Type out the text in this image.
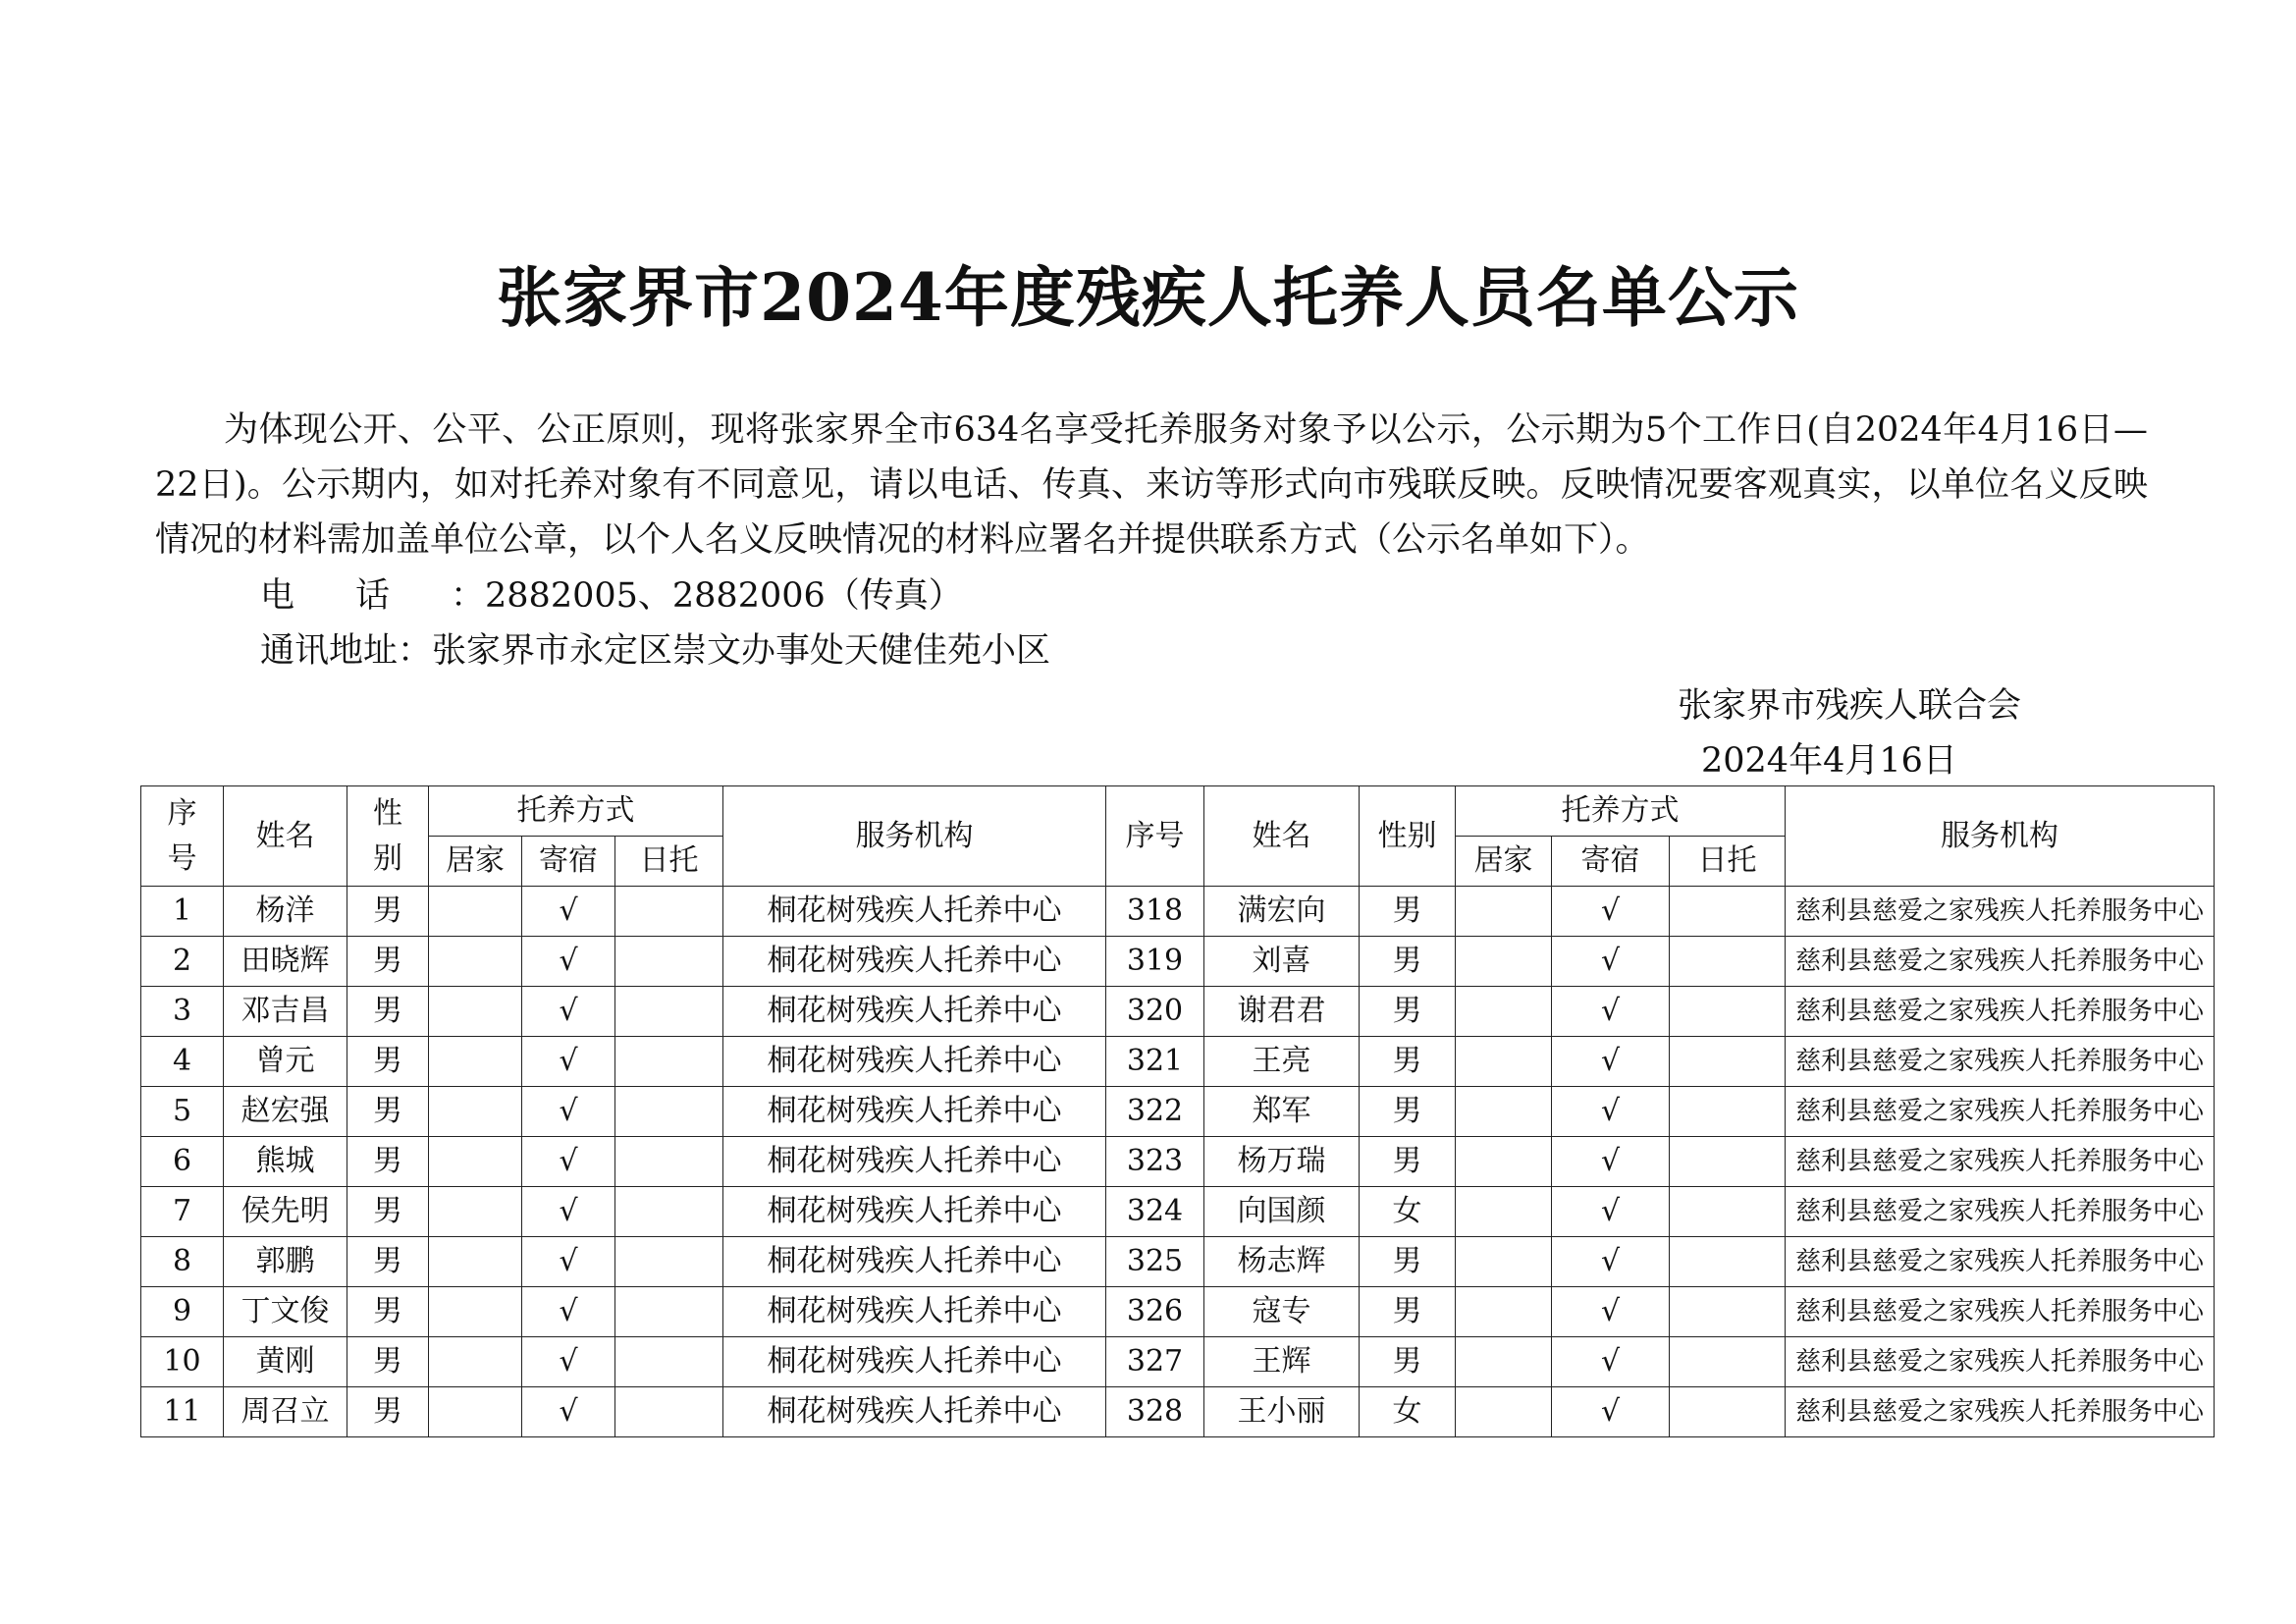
张家界市2024年度残疾人托养人员名单公示
为体现公开、公平、公正原则，现将张家界全市634名享受托养服务对象予以公示，公示期为5个工作日(自2024年4月16日—22日)。公示期内，如对托养对象有不同意见，请以电话、传真、来访等形式向市残联反映。反映情况要客观真实，以单位名义反映情况的材料需加盖单位公章，以个人名义反映情况的材料应署名并提供联系方式（公示名单如下）。
电话：2882005、2882006（传真）
通讯地址：张家界市永定区崇文办事处天健佳苑小区
张家界市残疾人联合会
2024年4月16日
序
号	姓名	性
别	托养方式			服务机构	序号	姓名	性别	托养方式			服务机构
			居家	寄宿	日托					居家	寄宿	日托	
1	杨洋	男		√		桐花树残疾人托养中心	318	满宏向	男		√		慈利县慈爱之家残疾人托养服务中心
2	田晓辉	男		√		桐花树残疾人托养中心	319	刘喜	男		√		慈利县慈爱之家残疾人托养服务中心
3	邓吉昌	男		√		桐花树残疾人托养中心	320	谢君君	男		√		慈利县慈爱之家残疾人托养服务中心
4	曾元	男		√		桐花树残疾人托养中心	321	王亮	男		√		慈利县慈爱之家残疾人托养服务中心
5	赵宏强	男		√		桐花树残疾人托养中心	322	郑军	男		√		慈利县慈爱之家残疾人托养服务中心
6	熊城	男		√		桐花树残疾人托养中心	323	杨万瑞	男		√		慈利县慈爱之家残疾人托养服务中心
7	侯先明	男		√		桐花树残疾人托养中心	324	向国颜	女		√		慈利县慈爱之家残疾人托养服务中心
8	郭鹏	男		√		桐花树残疾人托养中心	325	杨志辉	男		√		慈利县慈爱之家残疾人托养服务中心
9	丁文俊	男		√		桐花树残疾人托养中心	326	寇专	男		√		慈利县慈爱之家残疾人托养服务中心
10	黄刚	男		√		桐花树残疾人托养中心	327	王辉	男		√		慈利县慈爱之家残疾人托养服务中心
11	周召立	男		√		桐花树残疾人托养中心	328	王小丽	女		√		慈利县慈爱之家残疾人托养服务中心
